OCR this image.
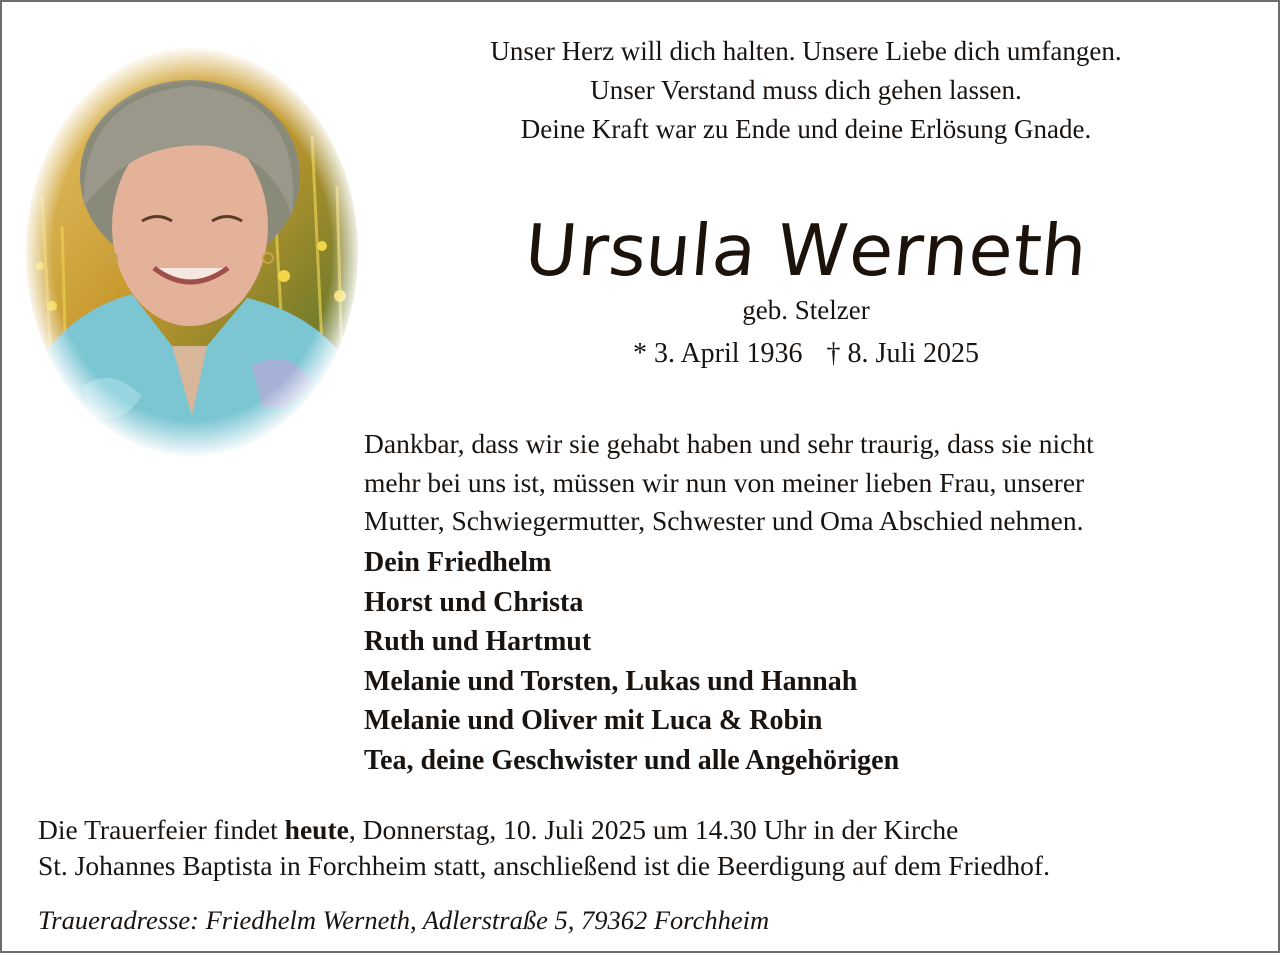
Unser Herz will dich halten. Unsere Liebe dich umfangen.
Unser Verstand muss dich gehen lassen.
Deine Kraft war zu Ende und deine Erlösung Gnade.
Ursula Werneth
geb. Stelzer
* 3. April 1936 † 8. Juli 2025
Dankbar, dass wir sie gehabt haben und sehr traurig, dass sie nicht
mehr bei uns ist, müssen wir nun von meiner lieben Frau, unserer
Mutter, Schwiegermutter, Schwester und Oma Abschied nehmen.
Dein Friedhelm
Horst und Christa
Ruth und Hartmut
Melanie und Torsten, Lukas und Hannah
Melanie und Oliver mit Luca & Robin
Tea, deine Geschwister und alle Angehörigen
Die Trauerfeier findet heute, Donnerstag, 10. Juli 2025 um 14.30 Uhr in der Kirche
St. Johannes Baptista in Forchheim statt, anschließend ist die Beerdigung auf dem Friedhof.
Traueradresse: Friedhelm Werneth, Adlerstraße 5, 79362 Forchheim
